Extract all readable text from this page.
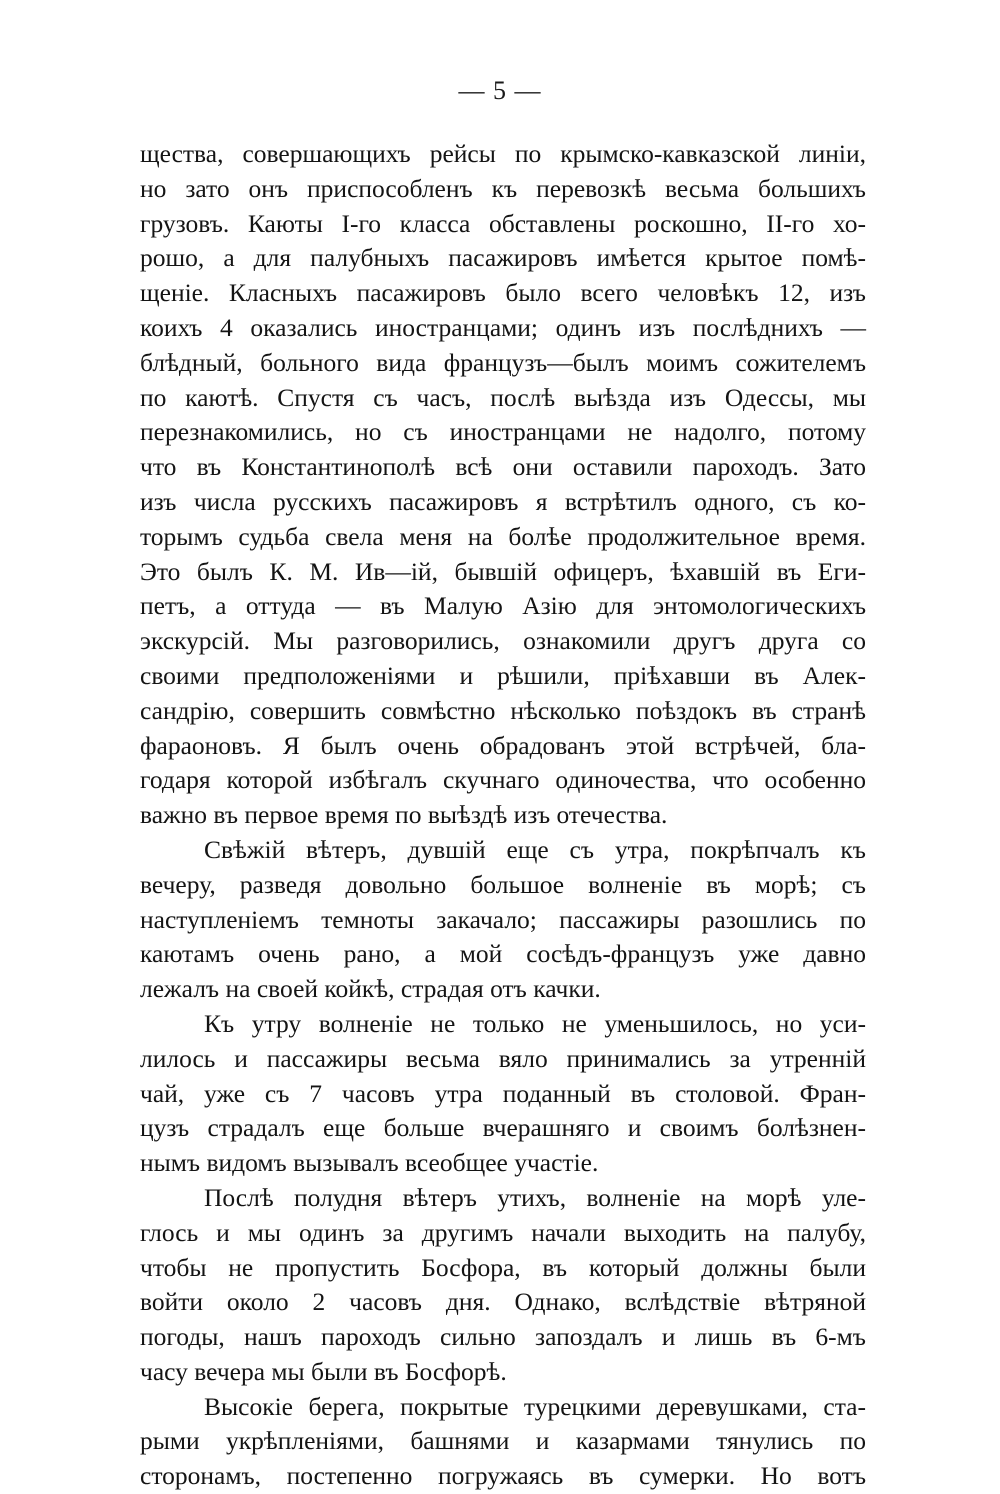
— 5 —
щества, совершающихъ рейсы по крымско-кавказской линіи,
но зато онъ приспособленъ къ перевозкѣ весьма большихъ
грузовъ. Каюты I-го класса обставлены роскошно, II-го хо-
рошо, а для палубныхъ пасажировъ имѣется крытое помѣ-
щеніе. Класныхъ пасажировъ было всего человѣкъ 12, изъ
коихъ 4 оказались иностранцами; одинъ изъ послѣднихъ —
блѣдный, больного вида французъ—былъ моимъ сожителемъ
по каютѣ. Спустя съ часъ, послѣ выѣзда изъ Одессы, мы
перезнакомились, но съ иностранцами не надолго, потому
что въ Константинополѣ всѣ они оставили пароходъ. Зато
изъ числа русскихъ пасажировъ я встрѣтилъ одного, съ ко-
торымъ судьба свела меня на болѣе продолжительное время.
Это былъ К. М. Ив—ій, бывшій офицеръ, ѣхавшій въ Еги-
петъ, а оттуда — въ Малую Азію для энтомологическихъ
экскурсій. Мы разговорились, ознакомили другъ друга со
своими предположеніями и рѣшили, пріѣхавши въ Алек-
сандрію, совершить совмѣстно нѣсколько поѣздокъ въ странѣ
фараоновъ. Я былъ очень обрадованъ этой встрѣчей, бла-
годаря которой избѣгалъ скучнаго одиночества, что особенно
важно въ первое время по выѣздѣ изъ отечества.
Свѣжій вѣтеръ, дувшій еще съ утра, покрѣпчалъ къ
вечеру, разведя довольно большое волненіе въ морѣ; съ
наступленіемъ темноты закачало; пассажиры разошлись по
каютамъ очень рано, а мой сосѣдъ-французъ уже давно
лежалъ на своей койкѣ, страдая отъ качки.
Къ утру волненіе не только не уменьшилось, но уси-
лилось и пассажиры весьма вяло принимались за утренній
чай, уже съ 7 часовъ утра поданный въ столовой. Фран-
цузъ страдалъ еще больше вчерашняго и своимъ болѣзнен-
нымъ видомъ вызывалъ всеобщее участіе.
Послѣ полудня вѣтеръ утихъ, волненіе на морѣ уле-
глось и мы одинъ за другимъ начали выходить на палубу,
чтобы не пропустить Босфора, въ который должны были
войти около 2 часовъ дня. Однако, вслѣдствіе вѣтряной
погоды, нашъ пароходъ сильно запоздалъ и лишь въ 6-мъ
часу вечера мы были въ Босфорѣ.
Высокіе берега, покрытые турецкими деревушками, ста-
рыми укрѣпленіями, башнями и казармами тянулись по
сторонамъ, постепенно погружаясь въ сумерки. Но вотъ
